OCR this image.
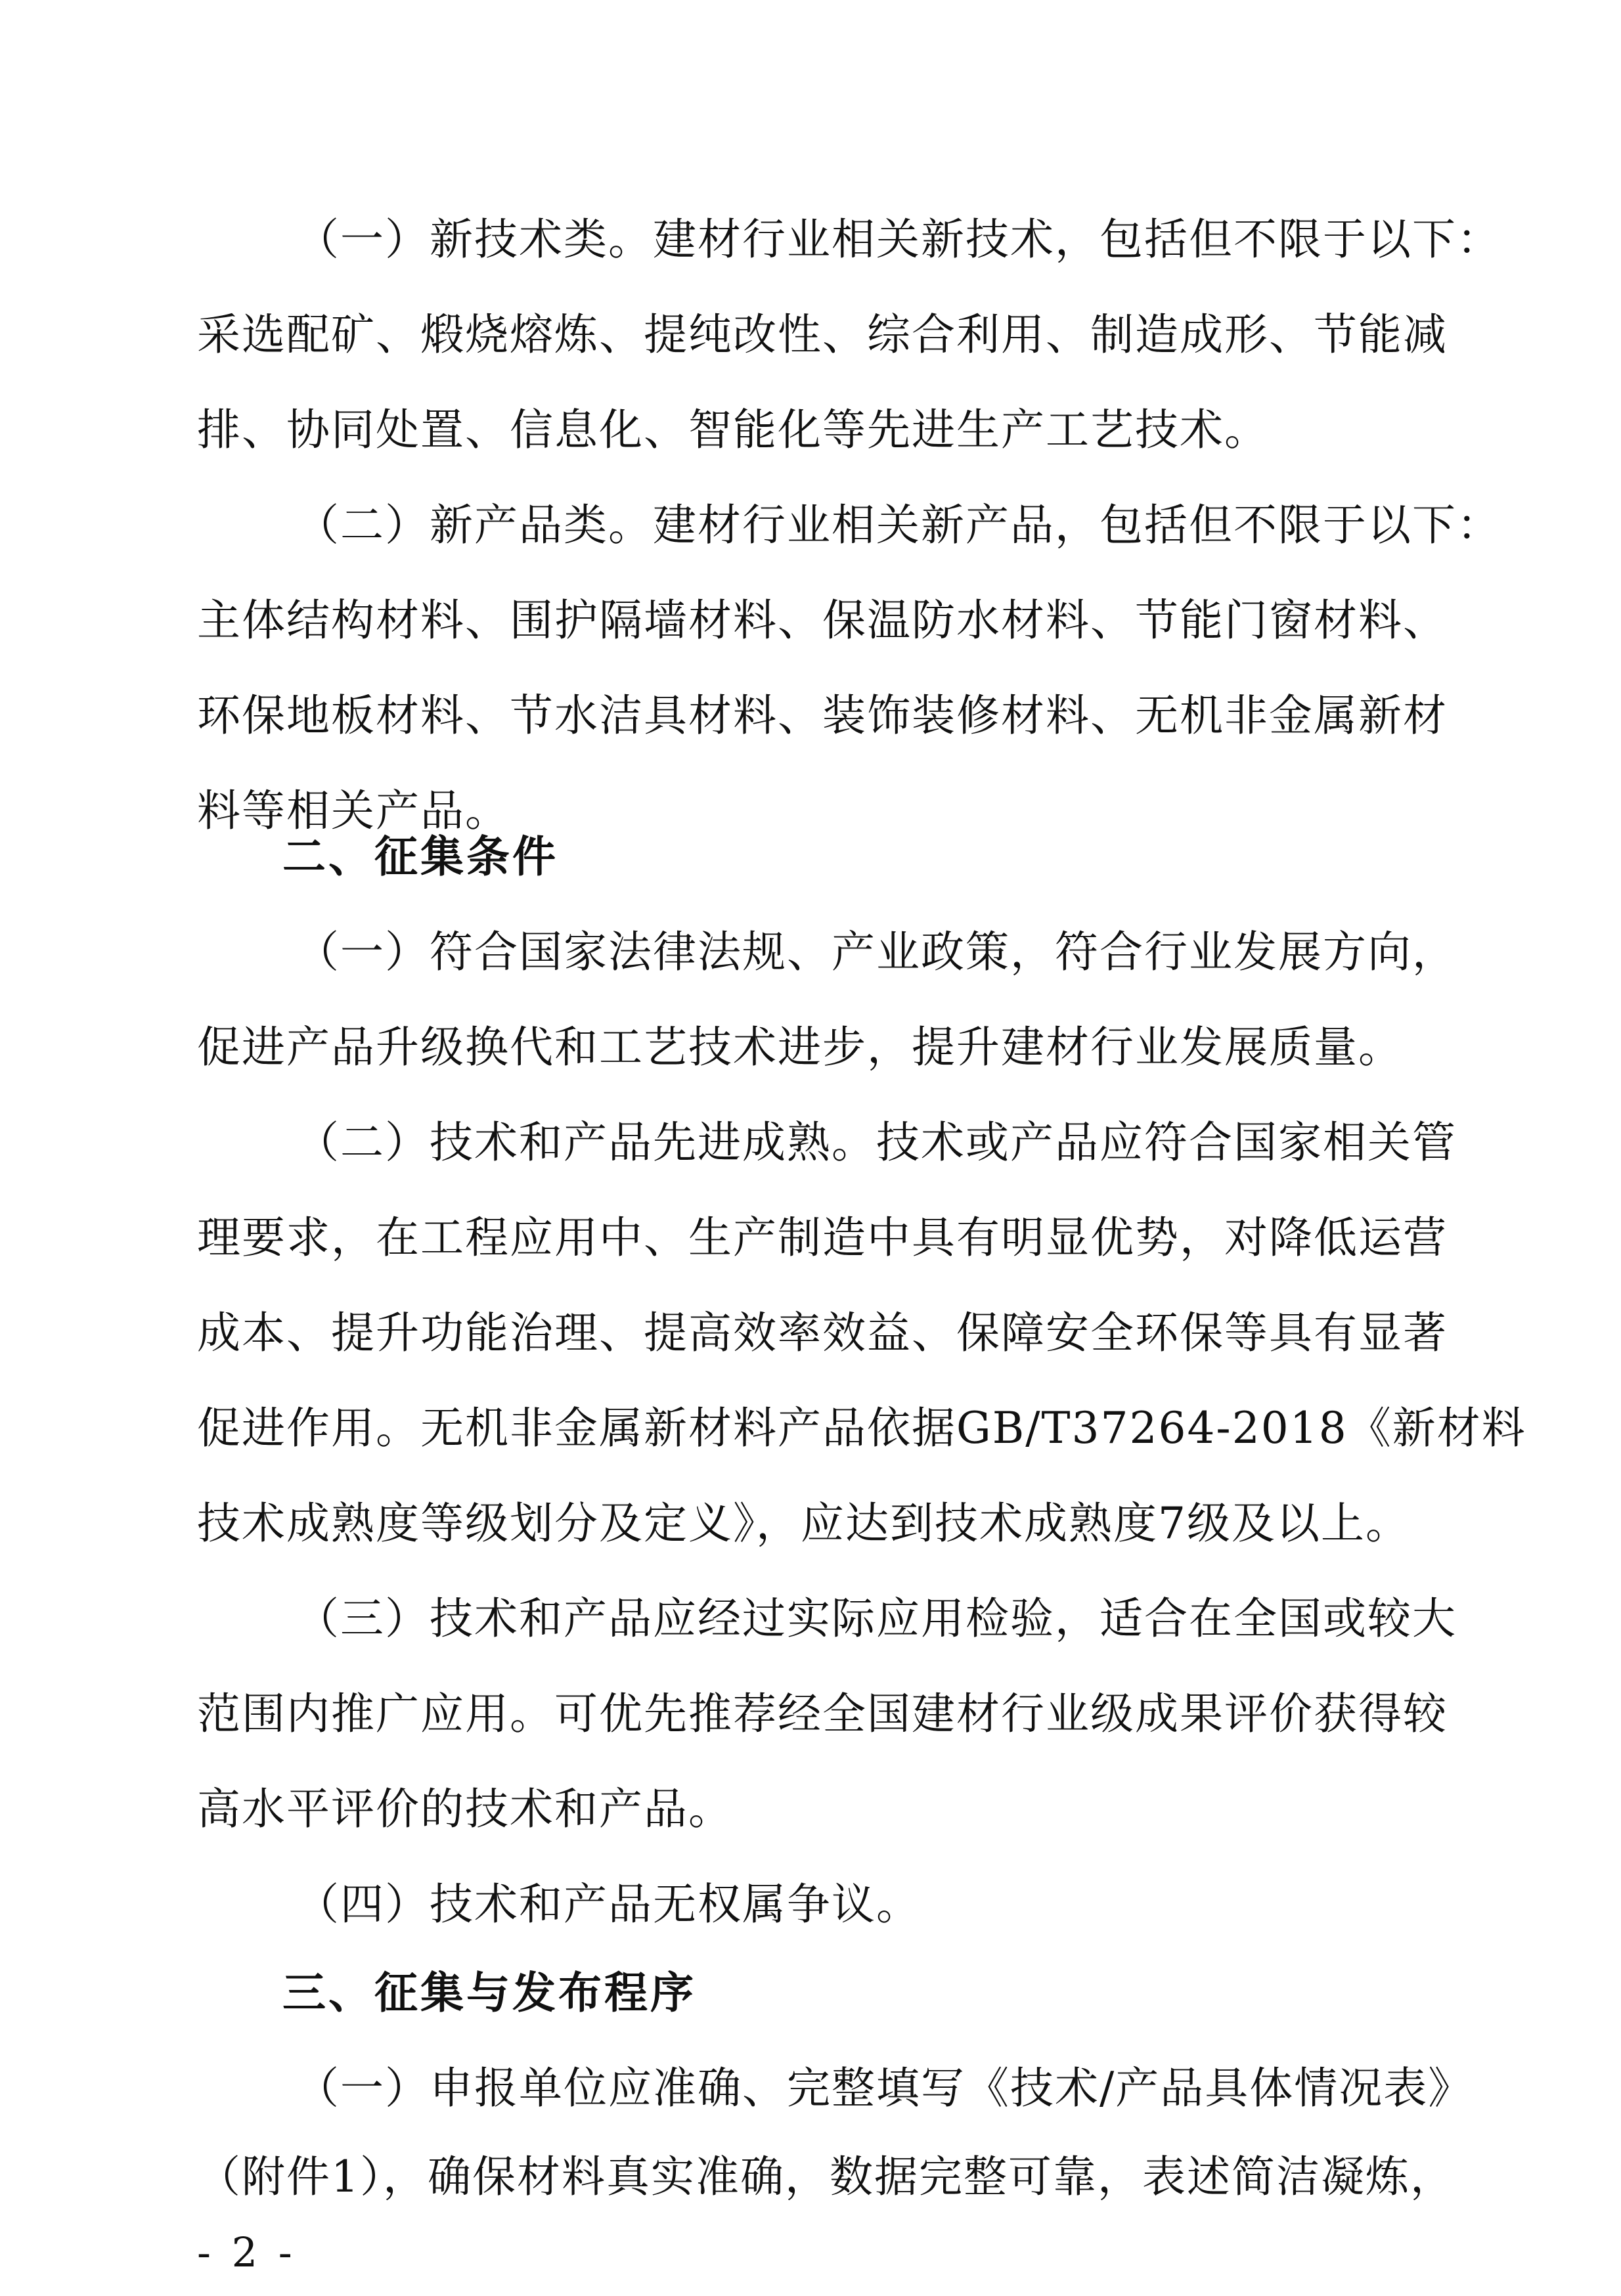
（一）新技术类。建材行业相关新技术，包括但不限于以下：

采选配矿、煅烧熔炼、提纯改性、综合利用、制造成形、节能减

排、协同处置、信息化、智能化等先进生产工艺技术。

（二）新产品类。建材行业相关新产品，包括但不限于以下：

主体结构材料、围护隔墙材料、保温防水材料、节能门窗材料、

环保地板材料、节水洁具材料、装饰装修材料、无机非金属新材

料等相关产品。

二、征集条件

（一）符合国家法律法规、产业政策，符合行业发展方向，

促进产品升级换代和工艺技术进步，提升建材行业发展质量。

（二）技术和产品先进成熟。技术或产品应符合国家相关管

理要求，在工程应用中、生产制造中具有明显优势，对降低运营

成本、提升功能治理、提高效率效益、保障安全环保等具有显著

促进作用。无机非金属新材料产品依据GB/T37264-2018《新材料

技术成熟度等级划分及定义》，应达到技术成熟度7级及以上。

（三）技术和产品应经过实际应用检验，适合在全国或较大

范围内推广应用。可优先推荐经全国建材行业级成果评价获得较

高水平评价的技术和产品。

（四）技术和产品无权属争议。

三、征集与发布程序

（一）申报单位应准确、完整填写《技术/产品具体情况表》

（附件1），确保材料真实准确，数据完整可靠，表述简洁凝炼，

- 2 -
